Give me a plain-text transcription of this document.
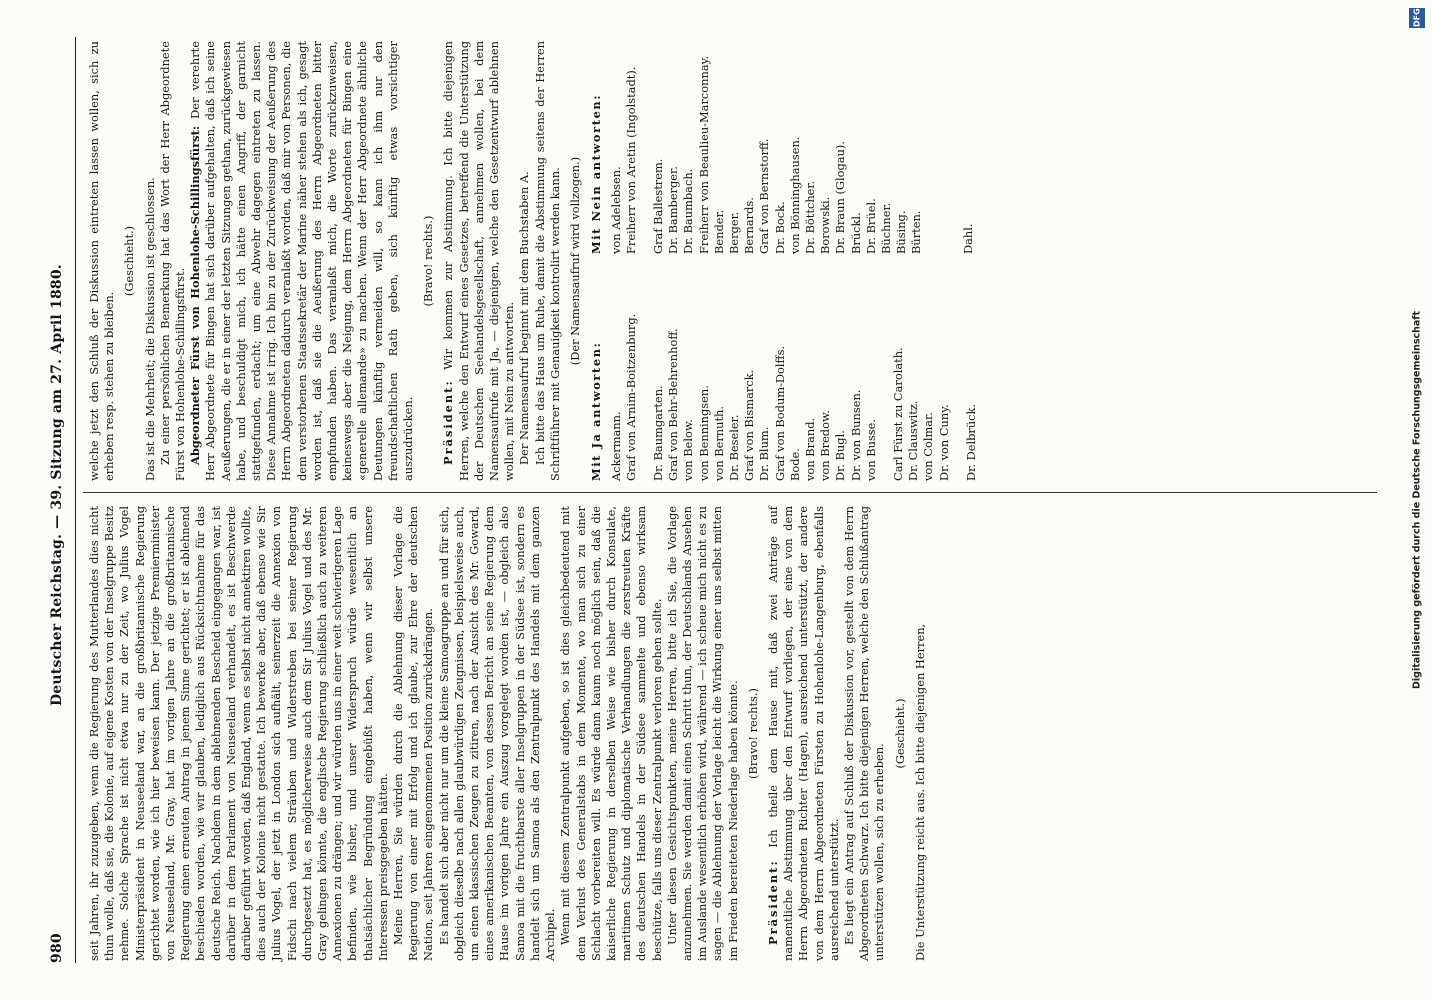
980
Deutscher Reichstag. — 39. Sitzung am 27. April 1880.

seit Jahren, ihr zuzugeben, wenn die Regierung des Mutterlandes dies nicht thun wolle, daß sie, die Kolonie, auf eigene Kosten von der Inselgruppe Besitz nehme. Solche Sprache ist nicht etwa nur zu der Zeit, wo Julius Vogel Ministerpräsident in Neuseeland war, an die großbritannische Regierung gerichtet worden, wie ich hier beweisen kann. Der jetzige Premierminister von Neuseeland, Mr. Gray, hat im vorigen Jahre an die großbritannische Regierung einen erneuten Antrag in jenem Sinne gerichtet; er ist ablehnend beschieden worden, wie wir glauben, lediglich aus Rücksichtnahme für das deutsche Reich. Nachdem in dem ablehnenden Bescheid eingegangen war, ist darüber in dem Parlament von Neuseeland verhandelt, es ist Beschwerde darüber geführt worden, daß England, wenn es selbst nicht annektiren wollte, dies auch der Kolonie nicht gestatte. Ich bewerke aber, daß ebenso wie Sir Julius Vogel, der jetzt in London sich aufhält, seinerzeit die Annexion von Fidschi nach vielem Sträuben und Widerstreben bei seiner Regierung durchgesetzt hat, es möglicherweise auch dem Sir Julius Vogel und des Mr. Gray gelingen könnte, die englische Regierung schließlich auch zu weiteren Annexionen zu drängen; und wir würden uns in einer weit schwierigeren Lage befinden, wie bisher, und unser Widerspruch würde wesentlich an thatsächlicher Begründung eingebüßt haben, wenn wir selbst unsere Interessen preisgegeben hätten. Meine Herren, Sie würden durch die Ablehnung dieser Vorlage die Regierung von einer mit Erfolg und ich glaube, zur Ehre der deutschen Nation, seit Jahren eingenommenen Position zurückdrängen. Es handelt sich aber nicht nur um die kleine Samoagruppe an und für sich, obgleich dieselbe nach allen glaubwürdigen Zeugnissen, beispielsweise auch, um einen klassischen Zeugen zu zitiren, nach der Ansicht des Mr. Goward, eines amerikanischen Beamten, von dessen Bericht an seine Regierung dem Hause im vorigen Jahre ein Auszug vorgelegt worden ist, — obgleich also Samoa mit die fruchtbarste aller Inselgruppen in der Südsee ist, sondern es handelt sich um Samoa als den Zentralpunkt des Handels mit dem ganzen Archipel. Wenn mit diesem Zentralpunkt aufgeben, so ist dies gleichbedeutend mit dem Verlust des Generalstabs in dem Momente, wo man sich zu einer Schlacht vorbereiten will. Es würde dann kaum noch möglich sein, daß die kaiserliche Regierung in derselben Weise wie bisher durch Konsulate, maritimen Schutz und diplomatische Verhandlungen die zerstreuten Kräfte des deutschen Handels in der Südsee sammelte und ebenso wirksam beschütze, falls uns dieser Zentralpunkt verloren gehen sollte. Unter diesen Gesichtspunkten, meine Herren, bitte ich Sie, die Vorlage anzunehmen. Sie werden damit einen Schritt thun, der Deutschlands Ansehen im Auslande wesentlich erhöhen wird, während — ich scheue mich nicht es zu sagen — die Ablehnung der Vorlage leicht die Wirkung einer uns selbst mitten im Frieden bereiteten Niederlage haben könnte. (Bravo! rechts.)

Präsident: Ich theile dem Hause mit, daß zwei Anträge auf namentliche Abstimmung über den Entwurf vorliegen, der eine von dem Herrn Abgeordneten Richter (Hagen), ausreichend unterstützt, der andere von dem Herrn Abgeordneten Fürsten zu Hohenlohe-Langenburg, ebenfalls ausreichend unterstützt. Es liegt ein Antrag auf Schluß der Diskussion vor, gestellt von dem Herrn Abgeordneten Schwarz. Ich bitte diejenigen Herren, welche den Schlußantrag unterstützen wollen, sich zu erheben.

(Geschieht.) Die Unterstützung reicht aus. Ich bitte diejenigen Herren,

welche jetzt den Schluß der Diskussion eintreten lassen wollen, sich zu erheben resp. stehen zu bleiben.

(Geschieht.) Das ist die Mehrheit; die Diskussion ist geschlossen. Zu einer persönlichen Bemerkung hat das Wort der Herr Abgeordnete Fürst von Hohenlohe-Schillingsfürst. Abgeordneter Fürst von Hohenlohe-Schillingsfürst: Der verehrte Herr Abgeordnete für Bingen hat sich darüber aufgehalten, daß ich seine Aeußerungen, die er in einer der letzten Sitzungen gethan, zurückgewiesen habe, und beschuldigt mich, ich hätte einen Angriff, der garnicht stattgefunden, erdacht; um eine Abwehr dagegen eintreten zu lassen. Diese Annahme ist irrig. Ich bin zu der Zurückweisung der Aeußerung des Herrn Abgeordneten dadurch veranlaßt worden, daß mir von Personen, die dem verstorbenen Staatssekretär der Marine näher stehen als ich, gesagt worden ist, daß sie die Aeußerung des Herrn Abgeordneten bitter empfunden haben. Das veranlaßt mich, die Worte zurückzuweisen, keineswegs aber die Neigung, dem Herrn Abgeordneten für Bingen eine «generelle allemande» zu machen. Wenn der Herr Abgeordnete ähnliche Deutungen künftig vermeiden will, so kann ich ihm nur den freundschaftlichen Rath geben, sich künftig etwas vorsichtiger auszudrücken.

(Bravo! rechts.)

Präsident: Wir kommen zur Abstimmung. Ich bitte diejenigen Herren, welche den Entwurf eines Gesetzes, betreffend die Unterstützung der Deutschen Seehandelsgesellschaft, annehmen wollen, bei dem Namensaufrufe mit Ja, — diejenigen, welche den Gesetzentwurf ablehnen wollen, mit Nein zu antworten. Der Namensaufruf beginnt mit dem Buchstaben A. Ich bitte das Haus um Ruhe, damit die Abstimmung seitens der Herren Schriftführer mit Genauigkeit kontrolirt werden kann. (Der Namensaufruf wird vollzogen.)

Mit Ja antworten:
Mit Nein antworten:
Ackermann. Graf von Arnim-Boitzenburg. Dr. Baumgarten. Graf von Behr-Behrenhoff. von Below. von Benningsen. von Bernuth. Dr. Beseler. Graf von Bismarck. Dr. Blum. Graf von Bodum-Dolffs. Bode. von Brand. von Bredow. Dr. Bugl. Dr. von Bunsen. von Busse. Carl Fürst zu Carolath. Dr. Clauswitz. von Colmar. Dr. von Cuny. Dr. Delbrück.
von Adelebsen. Freiherr von Aretin (Ingolstadt). Graf Ballestrem. Dr. Bamberger. Dr. Baumbach. Freiherr von Beaulieu-Marconnay. Bender. Berger. Bernards. Graf von Bernstorff. Dr. Bock. von Bönninghausen. Dr. Böttcher. Borowski. Dr. Braun (Glogau). Brückl. Dr. Brüel. Büchner. Büsing. Bürten.	Dahl.
DFG
Digitalisierung gefördert durch die Deutsche Forschungsgemeinschaft
